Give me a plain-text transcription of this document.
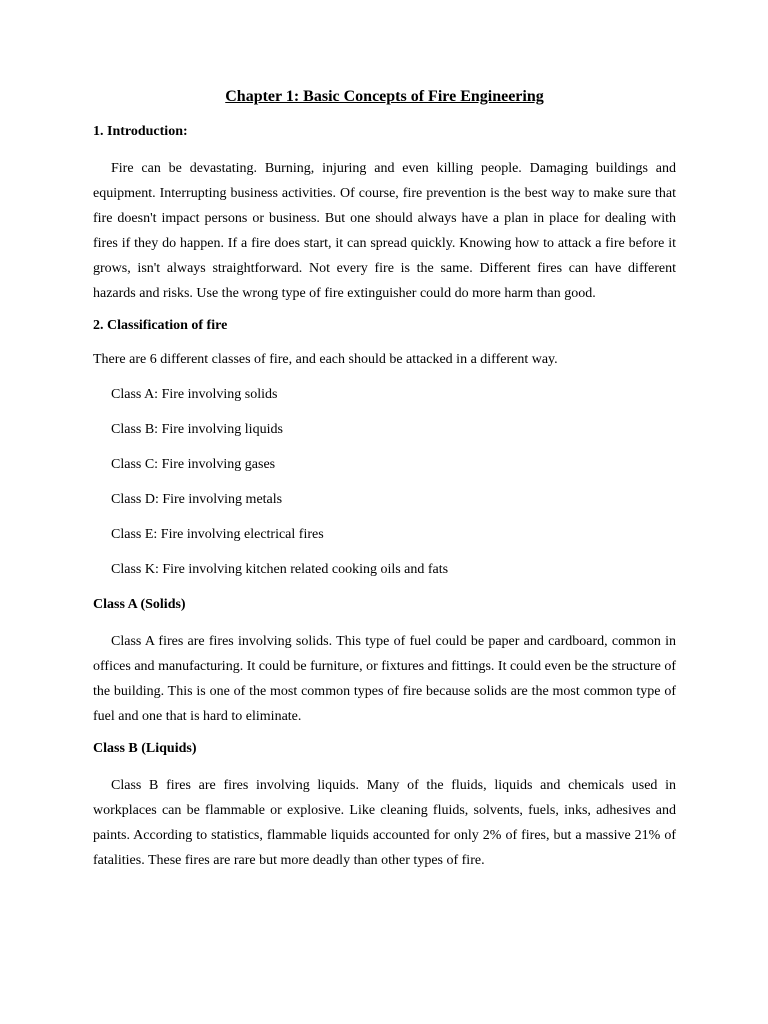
Chapter 1: Basic Concepts of Fire Engineering
1. Introduction:

Fire can be devastating. Burning, injuring and even killing people. Damaging buildings and equipment. Interrupting business activities. Of course, fire prevention is the best way to make sure that fire doesn't impact persons or business. But one should always have a plan in place for dealing with fires if they do happen. If a fire does start, it can spread quickly. Knowing how to attack a fire before it grows, isn't always straightforward. Not every fire is the same. Different fires can have different hazards and risks. Use the wrong type of fire extinguisher could do more harm than good.

2. Classification of fire

There are 6 different classes of fire, and each should be attacked in a different way.

Class A: Fire involving solids
Class B: Fire involving liquids
Class C: Fire involving gases
Class D: Fire involving metals
Class E: Fire involving electrical fires
Class K: Fire involving kitchen related cooking oils and fats
Class A (Solids)

Class A fires are fires involving solids. This type of fuel could be paper and cardboard, common in offices and manufacturing. It could be furniture, or fixtures and fittings. It could even be the structure of the building. This is one of the most common types of fire because solids are the most common type of fuel and one that is hard to eliminate.

Class B (Liquids)

Class B fires are fires involving liquids. Many of the fluids, liquids and chemicals used in workplaces can be flammable or explosive. Like cleaning fluids, solvents, fuels, inks, adhesives and paints. According to statistics, flammable liquids accounted for only 2% of fires, but a massive 21% of fatalities. These fires are rare but more deadly than other types of fire.
